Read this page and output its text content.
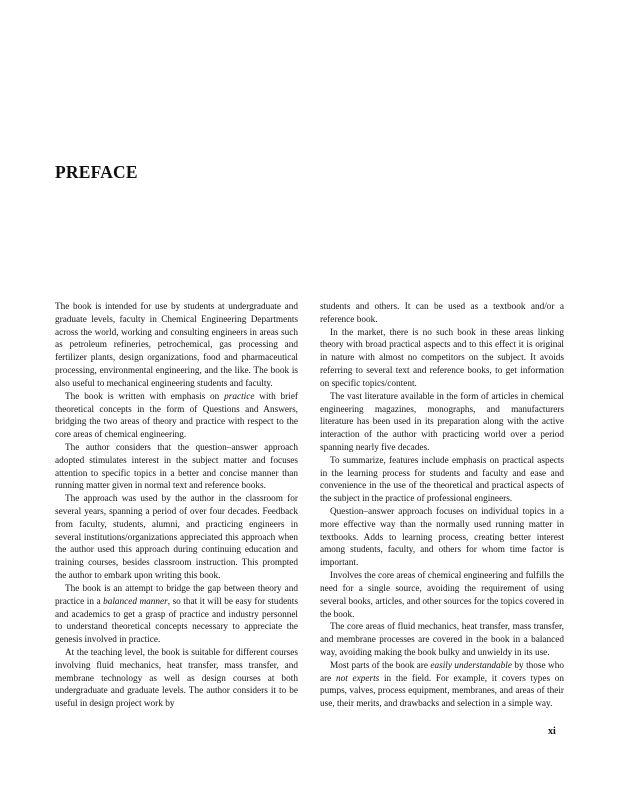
PREFACE

The book is intended for use by students at undergraduate and graduate levels, faculty in Chemical Engineering Departments across the world, working and consulting engineers in areas such as petroleum refineries, petrochemical, gas processing and fertilizer plants, design organizations, food and pharmaceutical processing, environmental engineering, and the like. The book is also useful to mechanical engineering students and faculty.

The book is written with emphasis on practice with brief theoretical concepts in the form of Questions and Answers, bridging the two areas of theory and practice with respect to the core areas of chemical engineering.

The author considers that the question–answer approach adopted stimulates interest in the subject matter and focuses attention to specific topics in a better and concise manner than running matter given in normal text and reference books.

The approach was used by the author in the classroom for several years, spanning a period of over four decades. Feedback from faculty, students, alumni, and practicing engineers in several institutions/organizations appreciated this approach when the author used this approach during continuing education and training courses, besides classroom instruction. This prompted the author to embark upon writing this book.

The book is an attempt to bridge the gap between theory and practice in a balanced manner, so that it will be easy for students and academics to get a grasp of practice and industry personnel to understand theoretical concepts necessary to appreciate the genesis involved in practice.

At the teaching level, the book is suitable for different courses involving fluid mechanics, heat transfer, mass transfer, and membrane technology as well as design courses at both undergraduate and graduate levels. The author considers it to be useful in design project work by

students and others. It can be used as a textbook and/or a reference book.

In the market, there is no such book in these areas linking theory with broad practical aspects and to this effect it is original in nature with almost no competitors on the subject. It avoids referring to several text and reference books, to get information on specific topics/content.

The vast literature available in the form of articles in chemical engineering magazines, monographs, and manufacturers literature has been used in its preparation along with the active interaction of the author with practicing world over a period spanning nearly five decades.

To summarize, features include emphasis on practical aspects in the learning process for students and faculty and ease and convenience in the use of the theoretical and practical aspects of the subject in the practice of professional engineers.

Question–answer approach focuses on individual topics in a more effective way than the normally used running matter in textbooks. Adds to learning process, creating better interest among students, faculty, and others for whom time factor is important.

Involves the core areas of chemical engineering and fulfills the need for a single source, avoiding the requirement of using several books, articles, and other sources for the topics covered in the book.

The core areas of fluid mechanics, heat transfer, mass transfer, and membrane processes are covered in the book in a balanced way, avoiding making the book bulky and unwieldy in its use.

Most parts of the book are easily understandable by those who are not experts in the field. For example, it covers types on pumps, valves, process equipment, membranes, and areas of their use, their merits, and drawbacks and selection in a simple way.

xi
